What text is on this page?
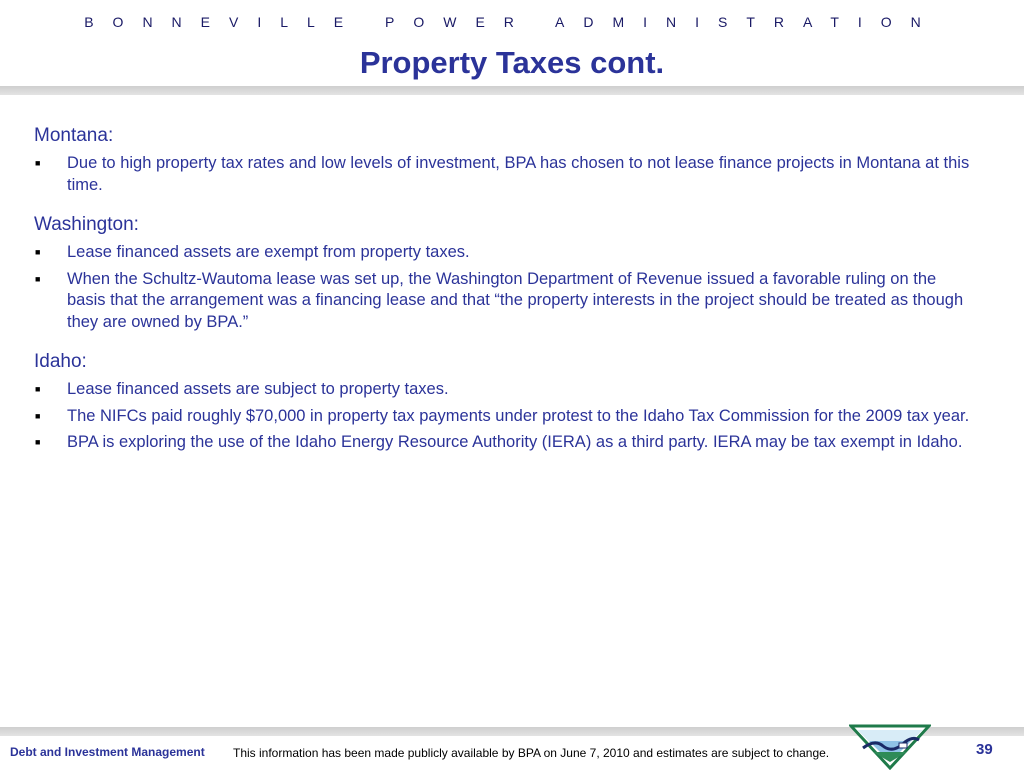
BONNEVILLE POWER ADMINISTRATION
Property Taxes cont.
Montana:
■	Due to high property tax rates and low levels of investment, BPA has chosen to not lease finance projects in Montana at this time.
Washington:
■	Lease financed assets are exempt from property taxes.
■	When the Schultz-Wautoma lease was set up, the Washington Department of Revenue issued a favorable ruling on the basis that the arrangement was a financing lease and that “the property interests in the project should be treated as though they are owned by BPA.”
Idaho:
■	Lease financed assets are subject to property taxes.
■	The NIFCs paid roughly $70,000 in property tax payments under protest to the Idaho Tax Commission for the 2009 tax year.
■	BPA is exploring the use of the Idaho Energy Resource Authority (IERA) as a third party. IERA may be tax exempt in Idaho.
Debt and Investment Management This information has been made publicly available by BPA on June 7, 2010 and estimates are subject to change.	39
